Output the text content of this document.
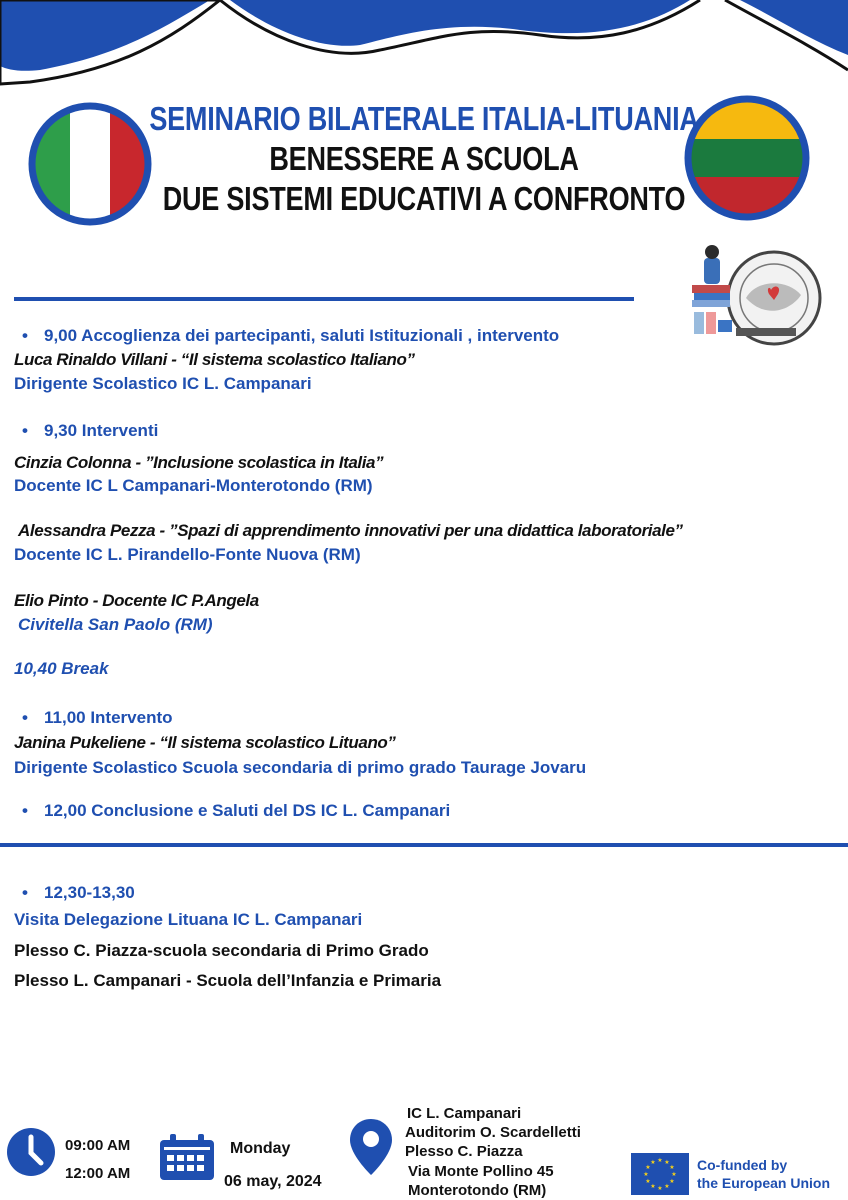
SEMINARIO BILATERALE ITALIA-LITUANIA
BENESSERE A SCUOLA
DUE SISTEMI EDUCATIVI A CONFRONTO
• 9,00 Accoglienza dei partecipanti, saluti Istituzionali , intervento
Luca Rinaldo Villani - “Il sistema scolastico Italiano”
Dirigente Scolastico IC L. Campanari
• 9,30 Interventi
Cinzia Colonna - ”Inclusione scolastica in Italia”
Docente IC L Campanari-Monterotondo (RM)
Alessandra Pezza - ”Spazi di apprendimento innovativi per una didattica laboratoriale”
Docente IC L. Pirandello-Fonte Nuova (RM)
Elio Pinto - Docente IC P.Angela
Civitella San Paolo (RM)
10,40 Break
• 11,00 Intervento
Janina Pukeliene - “Il sistema scolastico Lituano”
Dirigente Scolastico Scuola secondaria di primo grado Taurage Jovaru
• 12,00 Conclusione e Saluti del DS IC L. Campanari
• 12,30-13,30
Visita Delegazione Lituana IC L. Campanari
Plesso C. Piazza-scuola secondaria di Primo Grado
Plesso L. Campanari - Scuola dell’Infanzia e Primaria
09:00 AM
12:00 AM
Monday
06 may, 2024
IC L. Campanari
Auditorim O. Scardelletti
Plesso C. Piazza
Via Monte Pollino 45
Monterotondo (RM)
★ ★
★
★
★
★
★
★
★
★
★
★	Co-funded by
the European Union
